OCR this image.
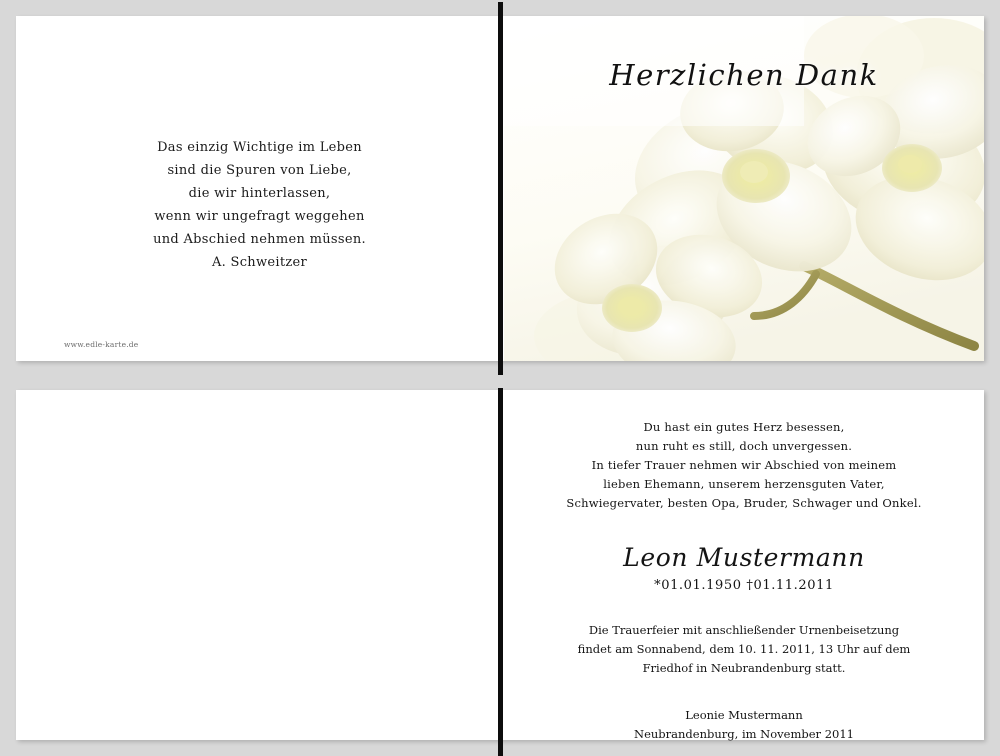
Das einzig Wichtige im Leben
sind die Spuren von Liebe,
die wir hinterlassen,
wenn wir ungefragt weggehen
und Abschied nehmen müssen.
A. Schweitzer
www.edle-karte.de
Herzlichen Dank
Du hast ein gutes Herz besessen,
nun ruht es still, doch unvergessen.
In tiefer Trauer nehmen wir Abschied von meinem
lieben Ehemann, unserem herzensguten Vater,
Schwiegervater, besten Opa, Bruder, Schwager und Onkel.
Leon Mustermann
*01.01.1950 †01.11.2011
Die Trauerfeier mit anschließender Urnenbeisetzung
findet am Sonnabend, dem 10. 11. 2011, 13 Uhr auf dem
Friedhof in Neubrandenburg statt.
Leonie Mustermann
Neubrandenburg, im November 2011
